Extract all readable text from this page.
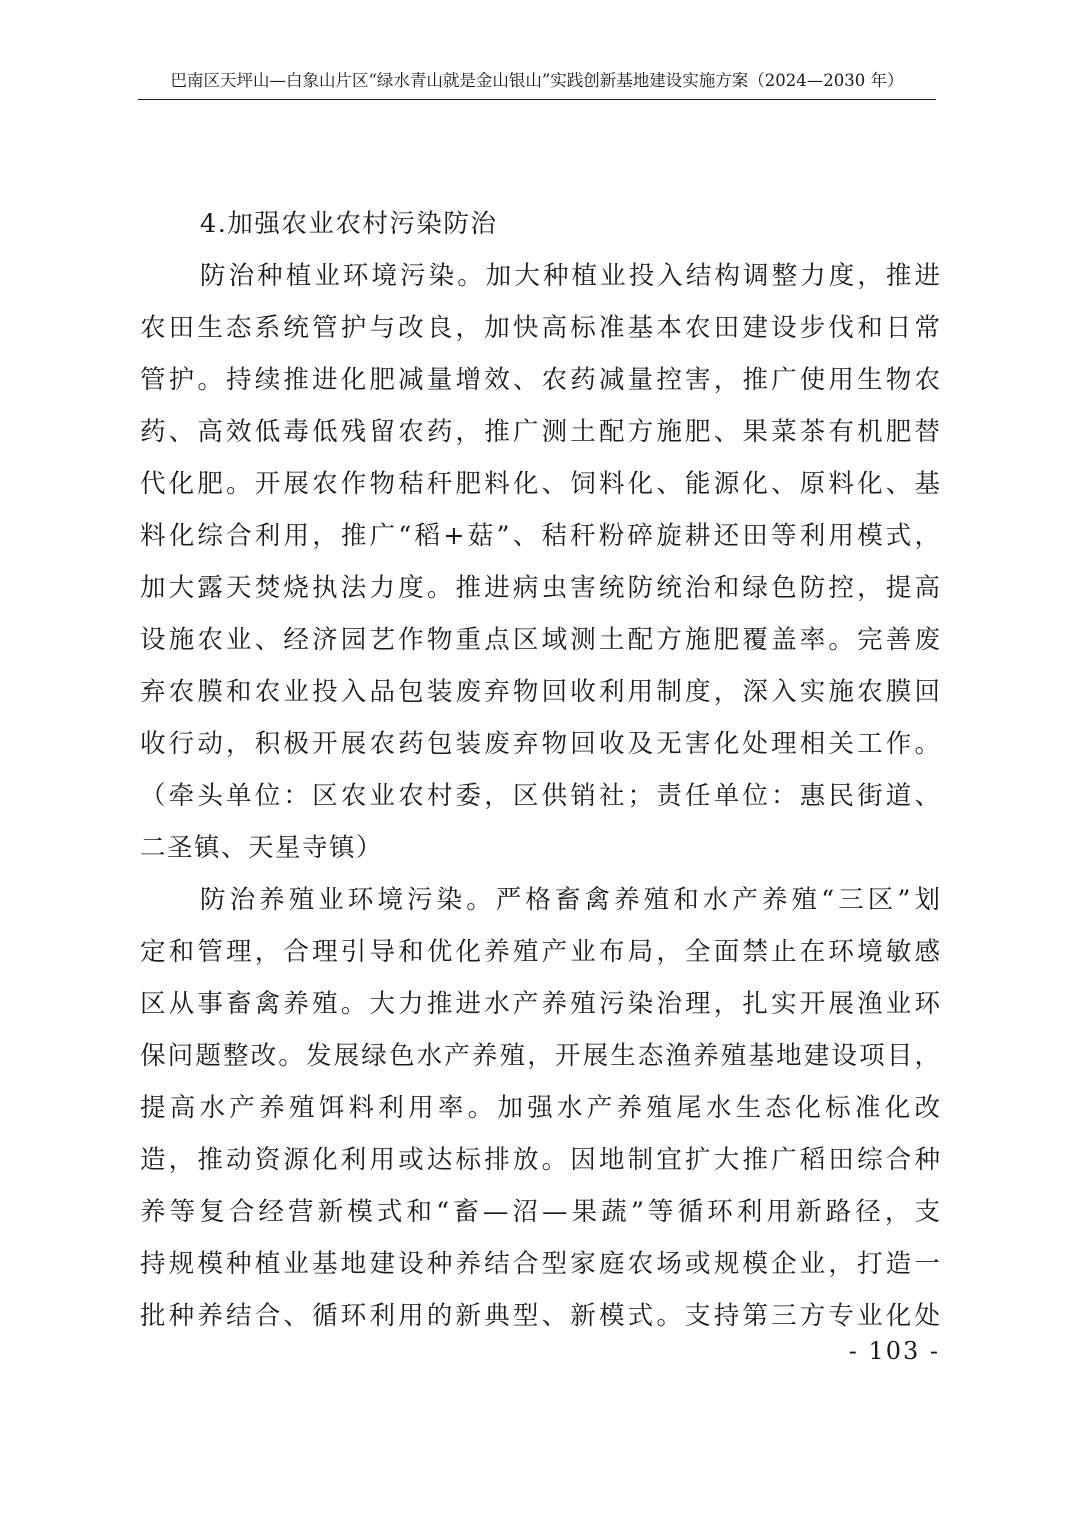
巴南区天坪山—白象山片区“绿水青山就是金山银山”实践创新基地建设实施方案（2024—2030 年）
4.加强农业农村污染防治
防治种植业环境污染。加大种植业投入结构调整力度，推进
农田生态系统管护与改良，加快高标准基本农田建设步伐和日常
管护。持续推进化肥减量增效、农药减量控害，推广使用生物农
药、高效低毒低残留农药，推广测土配方施肥、果菜茶有机肥替
代化肥。开展农作物秸秆肥料化、饲料化、能源化、原料化、基
料化综合利用，推广“稻+菇”、秸秆粉碎旋耕还田等利用模式，
加大露天焚烧执法力度。推进病虫害统防统治和绿色防控，提高
设施农业、经济园艺作物重点区域测土配方施肥覆盖率。完善废
弃农膜和农业投入品包装废弃物回收利用制度，深入实施农膜回
收行动，积极开展农药包装废弃物回收及无害化处理相关工作。
（牵头单位：区农业农村委，区供销社；责任单位：惠民街道、
二圣镇、天星寺镇）
防治养殖业环境污染。严格畜禽养殖和水产养殖“三区”划
定和管理，合理引导和优化养殖产业布局，全面禁止在环境敏感
区从事畜禽养殖。大力推进水产养殖污染治理，扎实开展渔业环
保问题整改。发展绿色水产养殖，开展生态渔养殖基地建设项目，
提高水产养殖饵料利用率。加强水产养殖尾水生态化标准化改
造，推动资源化利用或达标排放。因地制宜扩大推广稻田综合种
养等复合经营新模式和“畜—沼—果蔬”等循环利用新路径，支
持规模种植业基地建设种养结合型家庭农场或规模企业，打造一
批种养结合、循环利用的新典型、新模式。支持第三方专业化处
- 103 -
